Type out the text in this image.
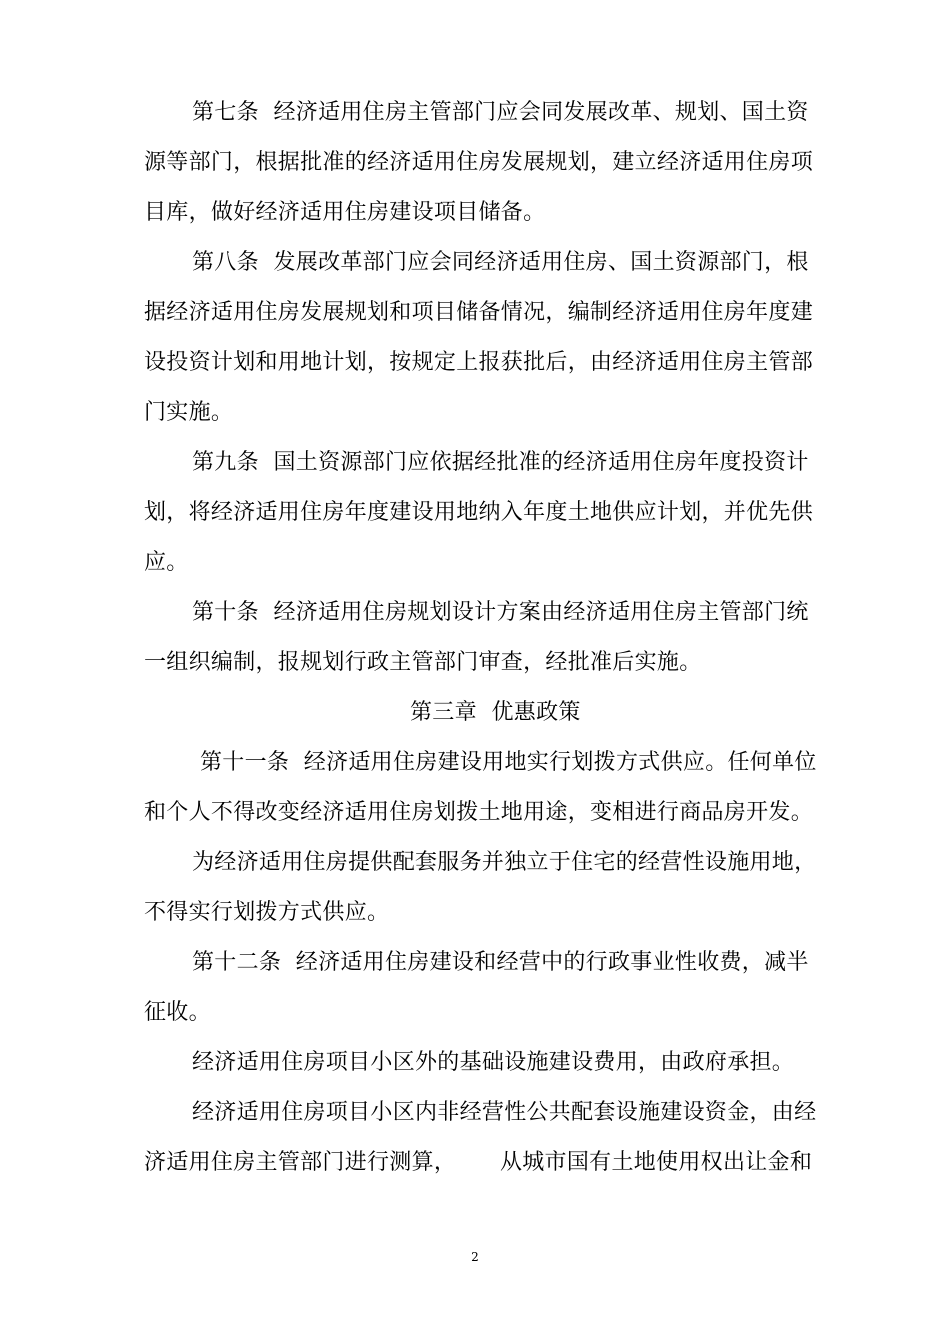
第七条  经济适用住房主管部门应会同发展改革、规划、国土资

源等部门，根据批准的经济适用住房发展规划，建立经济适用住房项

目库，做好经济适用住房建设项目储备。

第八条  发展改革部门应会同经济适用住房、国土资源部门，根

据经济适用住房发展规划和项目储备情况，编制经济适用住房年度建

设投资计划和用地计划，按规定上报获批后，由经济适用住房主管部

门实施。

第九条  国土资源部门应依据经批准的经济适用住房年度投资计

划，将经济适用住房年度建设用地纳入年度土地供应计划，并优先供

应。

第十条  经济适用住房规划设计方案由经济适用住房主管部门统

一组织编制，报规划行政主管部门审查，经批准后实施。

第三章  优惠政策

第十一条  经济适用住房建设用地实行划拨方式供应。任何单位

和个人不得改变经济适用住房划拨土地用途，变相进行商品房开发。

为经济适用住房提供配套服务并独立于住宅的经营性设施用地，

不得实行划拨方式供应。

第十二条  经济适用住房建设和经营中的行政事业性收费，减半

征收。

经济适用住房项目小区外的基础设施建设费用，由政府承担。

经济适用住房项目小区内非经营性公共配套设施建设资金，由经

济适用住房主管部门进行测算，      从城市国有土地使用权出让金和

2
